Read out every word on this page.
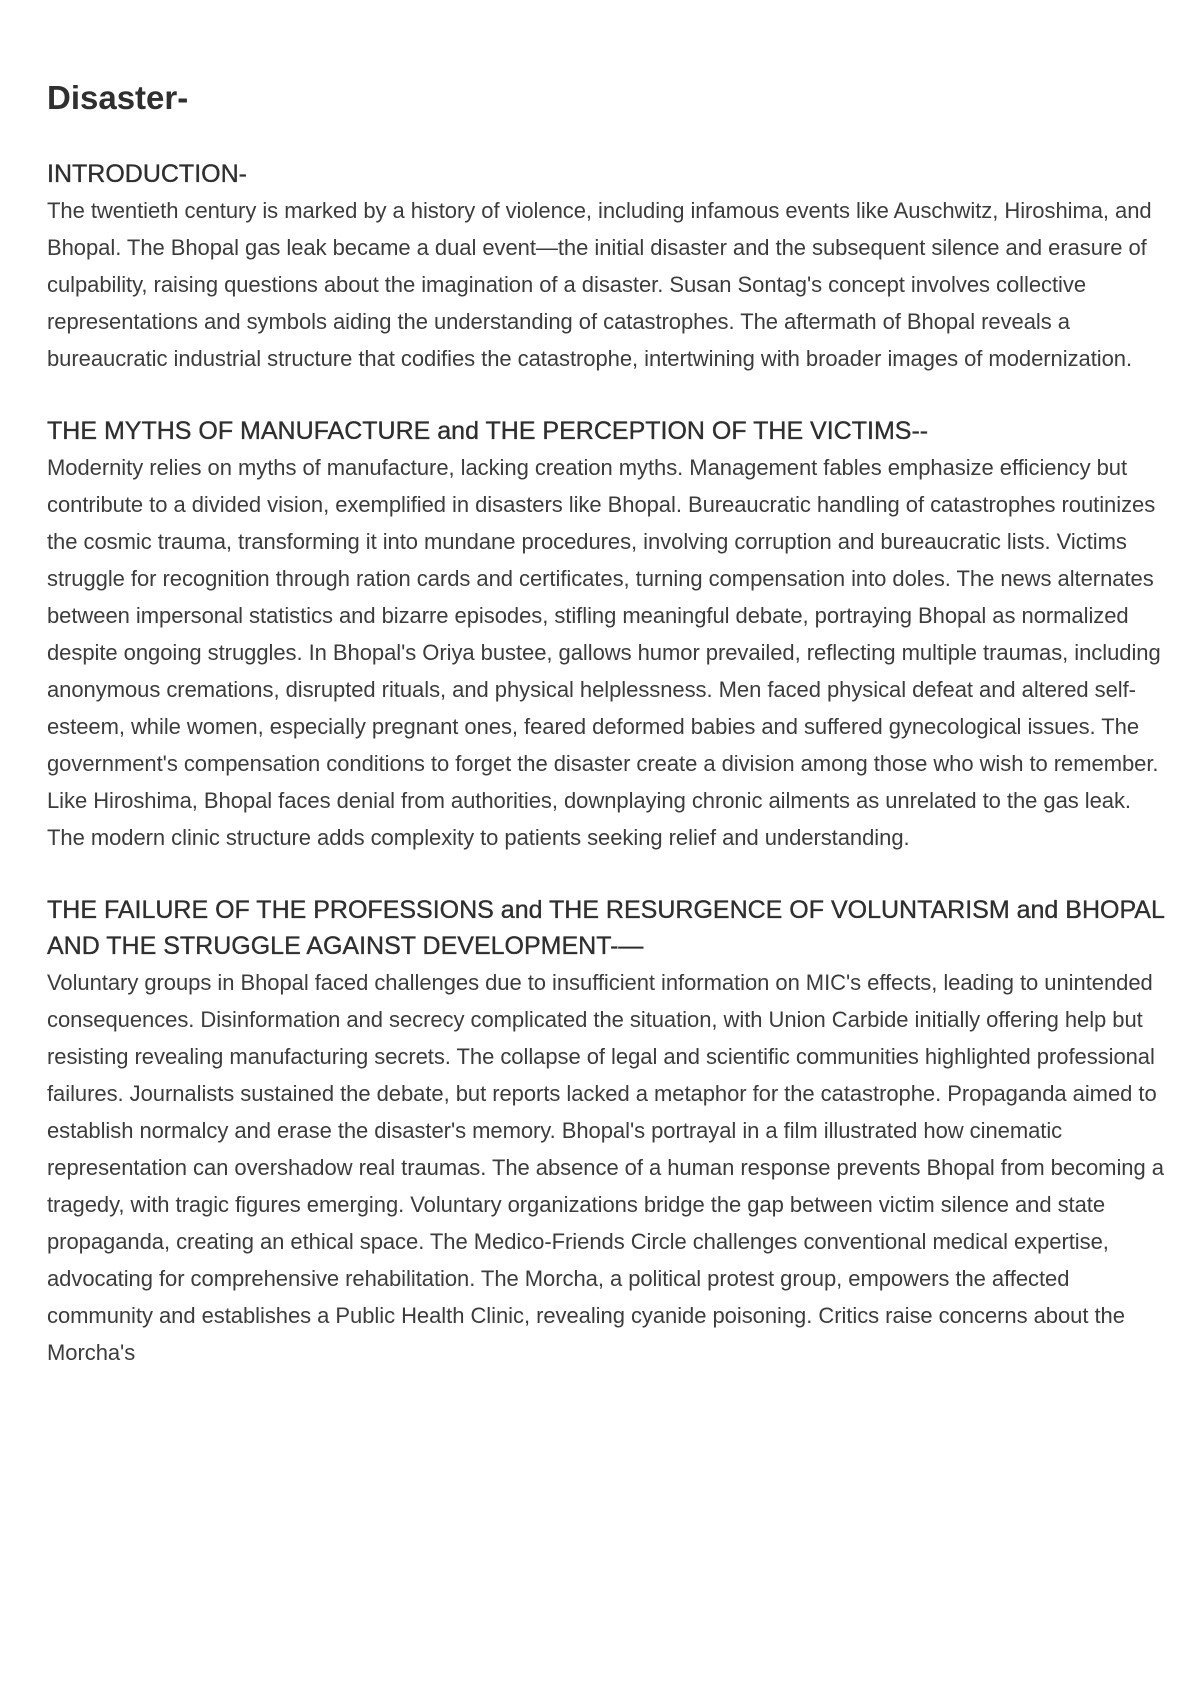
Disaster-
INTRODUCTION-

The twentieth century is marked by a history of violence, including infamous events like Auschwitz, Hiroshima, and Bhopal. The Bhopal gas leak became a dual event—the initial disaster and the subsequent silence and erasure of culpability, raising questions about the imagination of a disaster. Susan Sontag's concept involves collective representations and symbols aiding the understanding of catastrophes. The aftermath of Bhopal reveals a bureaucratic industrial structure that codifies the catastrophe, intertwining with broader images of modernization.

THE MYTHS OF MANUFACTURE and THE PERCEPTION OF THE VICTIMS--

Modernity relies on myths of manufacture, lacking creation myths. Management fables emphasize efficiency but contribute to a divided vision, exemplified in disasters like Bhopal. Bureaucratic handling of catastrophes routinizes the cosmic trauma, transforming it into mundane procedures, involving corruption and bureaucratic lists. Victims struggle for recognition through ration cards and certificates, turning compensation into doles. The news alternates between impersonal statistics and bizarre episodes, stifling meaningful debate, portraying Bhopal as normalized despite ongoing struggles. In Bhopal's Oriya bustee, gallows humor prevailed, reflecting multiple traumas, including anonymous cremations, disrupted rituals, and physical helplessness. Men faced physical defeat and altered self-esteem, while women, especially pregnant ones, feared deformed babies and suffered gynecological issues. The government's compensation conditions to forget the disaster create a division among those who wish to remember. Like Hiroshima, Bhopal faces denial from authorities, downplaying chronic ailments as unrelated to the gas leak. The modern clinic structure adds complexity to patients seeking relief and understanding.

THE FAILURE OF THE PROFESSIONS and THE RESURGENCE OF VOLUNTARISM and BHOPAL AND THE STRUGGLE AGAINST DEVELOPMENT-—

Voluntary groups in Bhopal faced challenges due to insufficient information on MIC's effects, leading to unintended consequences. Disinformation and secrecy complicated the situation, with Union Carbide initially offering help but resisting revealing manufacturing secrets. The collapse of legal and scientific communities highlighted professional failures. Journalists sustained the debate, but reports lacked a metaphor for the catastrophe. Propaganda aimed to establish normalcy and erase the disaster's memory. Bhopal's portrayal in a film illustrated how cinematic representation can overshadow real traumas. The absence of a human response prevents Bhopal from becoming a tragedy, with tragic figures emerging. Voluntary organizations bridge the gap between victim silence and state propaganda, creating an ethical space. The Medico-Friends Circle challenges conventional medical expertise, advocating for comprehensive rehabilitation. The Morcha, a political protest group, empowers the affected community and establishes a Public Health Clinic, revealing cyanide poisoning. Critics raise concerns about the Morcha's
